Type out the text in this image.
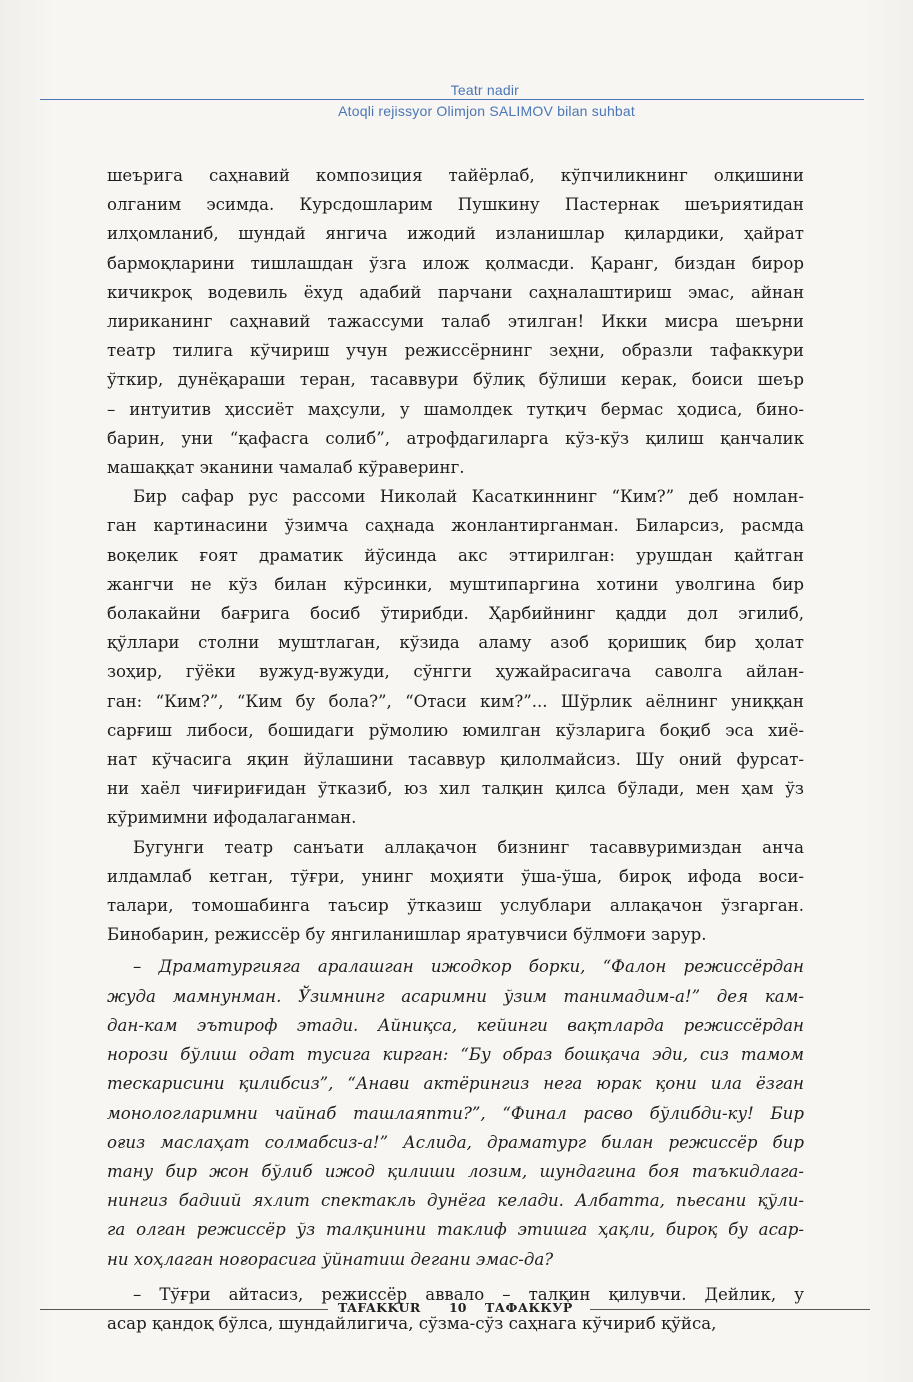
Teatr nadir
Atoqli rejissyor Olimjon SALIMOV bilan suhbat
шеърига саҳнавий композиция тайёрлаб, кўпчиликнинг олқишини
олганим эсимда. Курсдошларим Пушкину Пастернак шеъриятидан
илҳомланиб, шундай янгича ижодий изланишлар қилардики, ҳайрат
бармоқларини тишлашдан ўзга илож қолмасди. Қаранг, биздан бирор
кичикроқ водевиль ёхуд адабий парчани саҳналаштириш эмас, айнан
лириканинг саҳнавий тажассуми талаб этилган! Икки мисра шеърни
театр тилига кўчириш учун режиссёрнинг зеҳни, образли тафаккури
ўткир, дунёқараши теран, тасаввури бўлиқ бўлиши керак, боиси шеър
– интуитив ҳиссиёт маҳсули, у шамолдек тутқич бермас ҳодиса, бино-
барин, уни “қафасга солиб”, атрофдагиларга кўз-кўз қилиш қанчалик
машаққат эканини чамалаб кўраверинг.
Бир сафар рус рассоми Николай Касаткиннинг “Ким?” деб номлан-
ган картинасини ўзимча саҳнада жонлантирганман. Биларсиз, расмда
воқелик ғоят драматик йўсинда акс эттирилган: урушдан қайтган
жангчи не кўз билан кўрсинки, муштипаргина хотини уволгина бир
болакайни бағрига босиб ўтирибди. Ҳарбийнинг қадди дол эгилиб,
қўллари столни муштлаган, кўзида аламу азоб қоришиқ бир ҳолат
зоҳир, гўёки вужуд-вужуди, сўнгги ҳужайрасигача саволга айлан-
ган: “Ким?”, “Ким бу бола?”, “Отаси ким?”... Шўрлик аёлнинг униққан
сарғиш либоси, бошидаги рўмолию юмилган кўзларига боқиб эса хиё-
нат кўчасига яқин йўлашини тасаввур қилолмайсиз. Шу оний фурсат-
ни хаёл чиғириғидан ўтказиб, юз хил талқин қилса бўлади, мен ҳам ўз
кўримимни ифодалаганман.
Бугунги театр санъати аллақачон бизнинг тасаввуримиздан анча
илдамлаб кетган, тўғри, унинг моҳияти ўша-ўша, бироқ ифода воси-
талари, томошабинга таъсир ўтказиш услублари аллақачон ўзгарган.
Бинобарин, режиссёр бу янгиланишлар яратувчиси бўлмоғи зарур.
– Драматургияга аралашган ижодкор борки, “Фалон режиссёрдан
жуда мамнунман. Ўзимнинг асаримни ўзим танимадим-а!” дея кам-
дан-кам эътироф этади. Айниқса, кейинги вақтларда режиссёрдан
норози бўлиш одат тусига кирган: “Бу образ бошқача эди, сиз тамом
тескарисини қилибсиз”, “Анави актёрингиз нега юрак қони ила ёзган
монологларимни чайнаб ташлаяпти?”, “Финал расво бўлибди-ку! Бир
оғиз маслаҳат солмабсиз-а!” Аслида, драматург билан режиссёр бир
тану бир жон бўлиб ижод қилиши лозим, шундагина боя таъкидлага-
нингиз бадиий яхлит спектакль дунёга келади. Албатта, пьесани қўли-
га олган режиссёр ўз талқинини таклиф этишга ҳақли, бироқ бу асар-
ни хоҳлаган ноғорасига ўйнатиш дегани эмас-да?
– Тўғри айтасиз, режиссёр аввало – талқин қилувчи. Дейлик, у
асар қандоқ бўлса, шундайлигича, сўзма-сўз саҳнага кўчириб қўйса,
TAFAKKUR 10 ТАФАККУР
